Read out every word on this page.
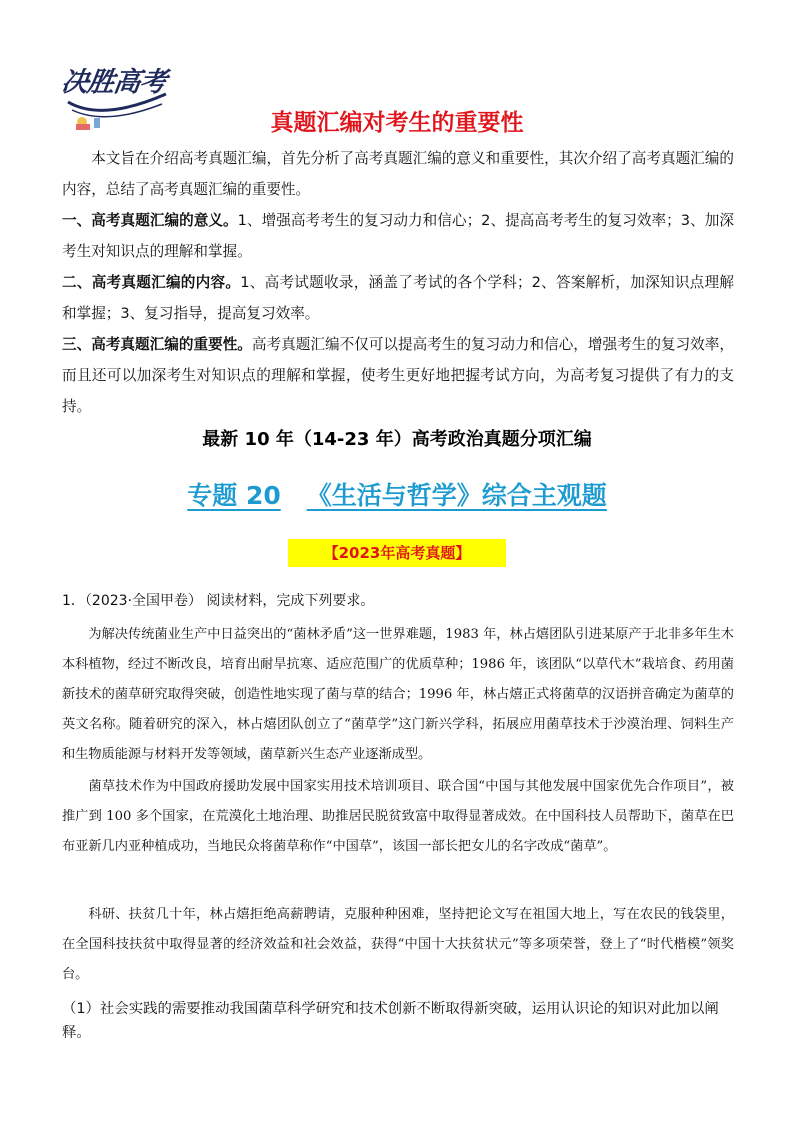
决胜高考
真题汇编对考生的重要性
本文旨在介绍高考真题汇编，首先分析了高考真题汇编的意义和重要性，其次介绍了高考真题汇编的内容，总结了高考真题汇编的重要性。
一、高考真题汇编的意义。1、增强高考考生的复习动力和信心；2、提高高考考生的复习效率；3、加深考生对知识点的理解和掌握。
二、高考真题汇编的内容。1、高考试题收录，涵盖了考试的各个学科；2、答案解析，加深知识点理解和掌握；3、复习指导，提高复习效率。
三、高考真题汇编的重要性。高考真题汇编不仅可以提高考生的复习动力和信心，增强考生的复习效率，而且还可以加深考生对知识点的理解和掌握，使考生更好地把握考试方向，为高考复习提供了有力的支持。
最新 10 年（14-23 年）高考政治真题分项汇编
专题 20 《生活与哲学》综合主观题
【2023年高考真题】
1．（2023·全国甲卷） 阅读材料，完成下列要求。
为解决传统菌业生产中日益突出的“菌林矛盾”这一世界难题，1983 年，林占熺团队引进某原产于北非多年生木本科植物，经过不断改良，培育出耐旱抗寒、适应范围广的优质草种；1986 年，该团队“以草代木”栽培食、药用菌新技术的菌草研究取得突破，创造性地实现了菌与草的结合；1996 年，林占熺正式将菌草的汉语拼音确定为菌草的英文名称。随着研究的深入，林占熺团队创立了“菌草学”这门新兴学科，拓展应用菌草技术于沙漠治理、饲料生产和生物质能源与材料开发等领域，菌草新兴生态产业逐渐成型。
菌草技术作为中国政府援助发展中国家实用技术培训项目、联合国“中国与其他发展中国家优先合作项目”，被推广到 100 多个国家，在荒漠化土地治理、助推居民脱贫致富中取得显著成效。在中国科技人员帮助下，菌草在巴布亚新几内亚种植成功，当地民众将菌草称作“中国草”，该国一部长把女儿的名字改成“菌草”。
科研、扶贫几十年，林占熺拒绝高薪聘请，克服种种困难，坚持把论文写在祖国大地上，写在农民的钱袋里，在全国科技扶贫中取得显著的经济效益和社会效益，获得“中国十大扶贫状元”等多项荣誉，登上了“时代楷模”领奖台。
（1）社会实践的需要推动我国菌草科学研究和技术创新不断取得新突破，运用认识论的知识对此加以阐释。
